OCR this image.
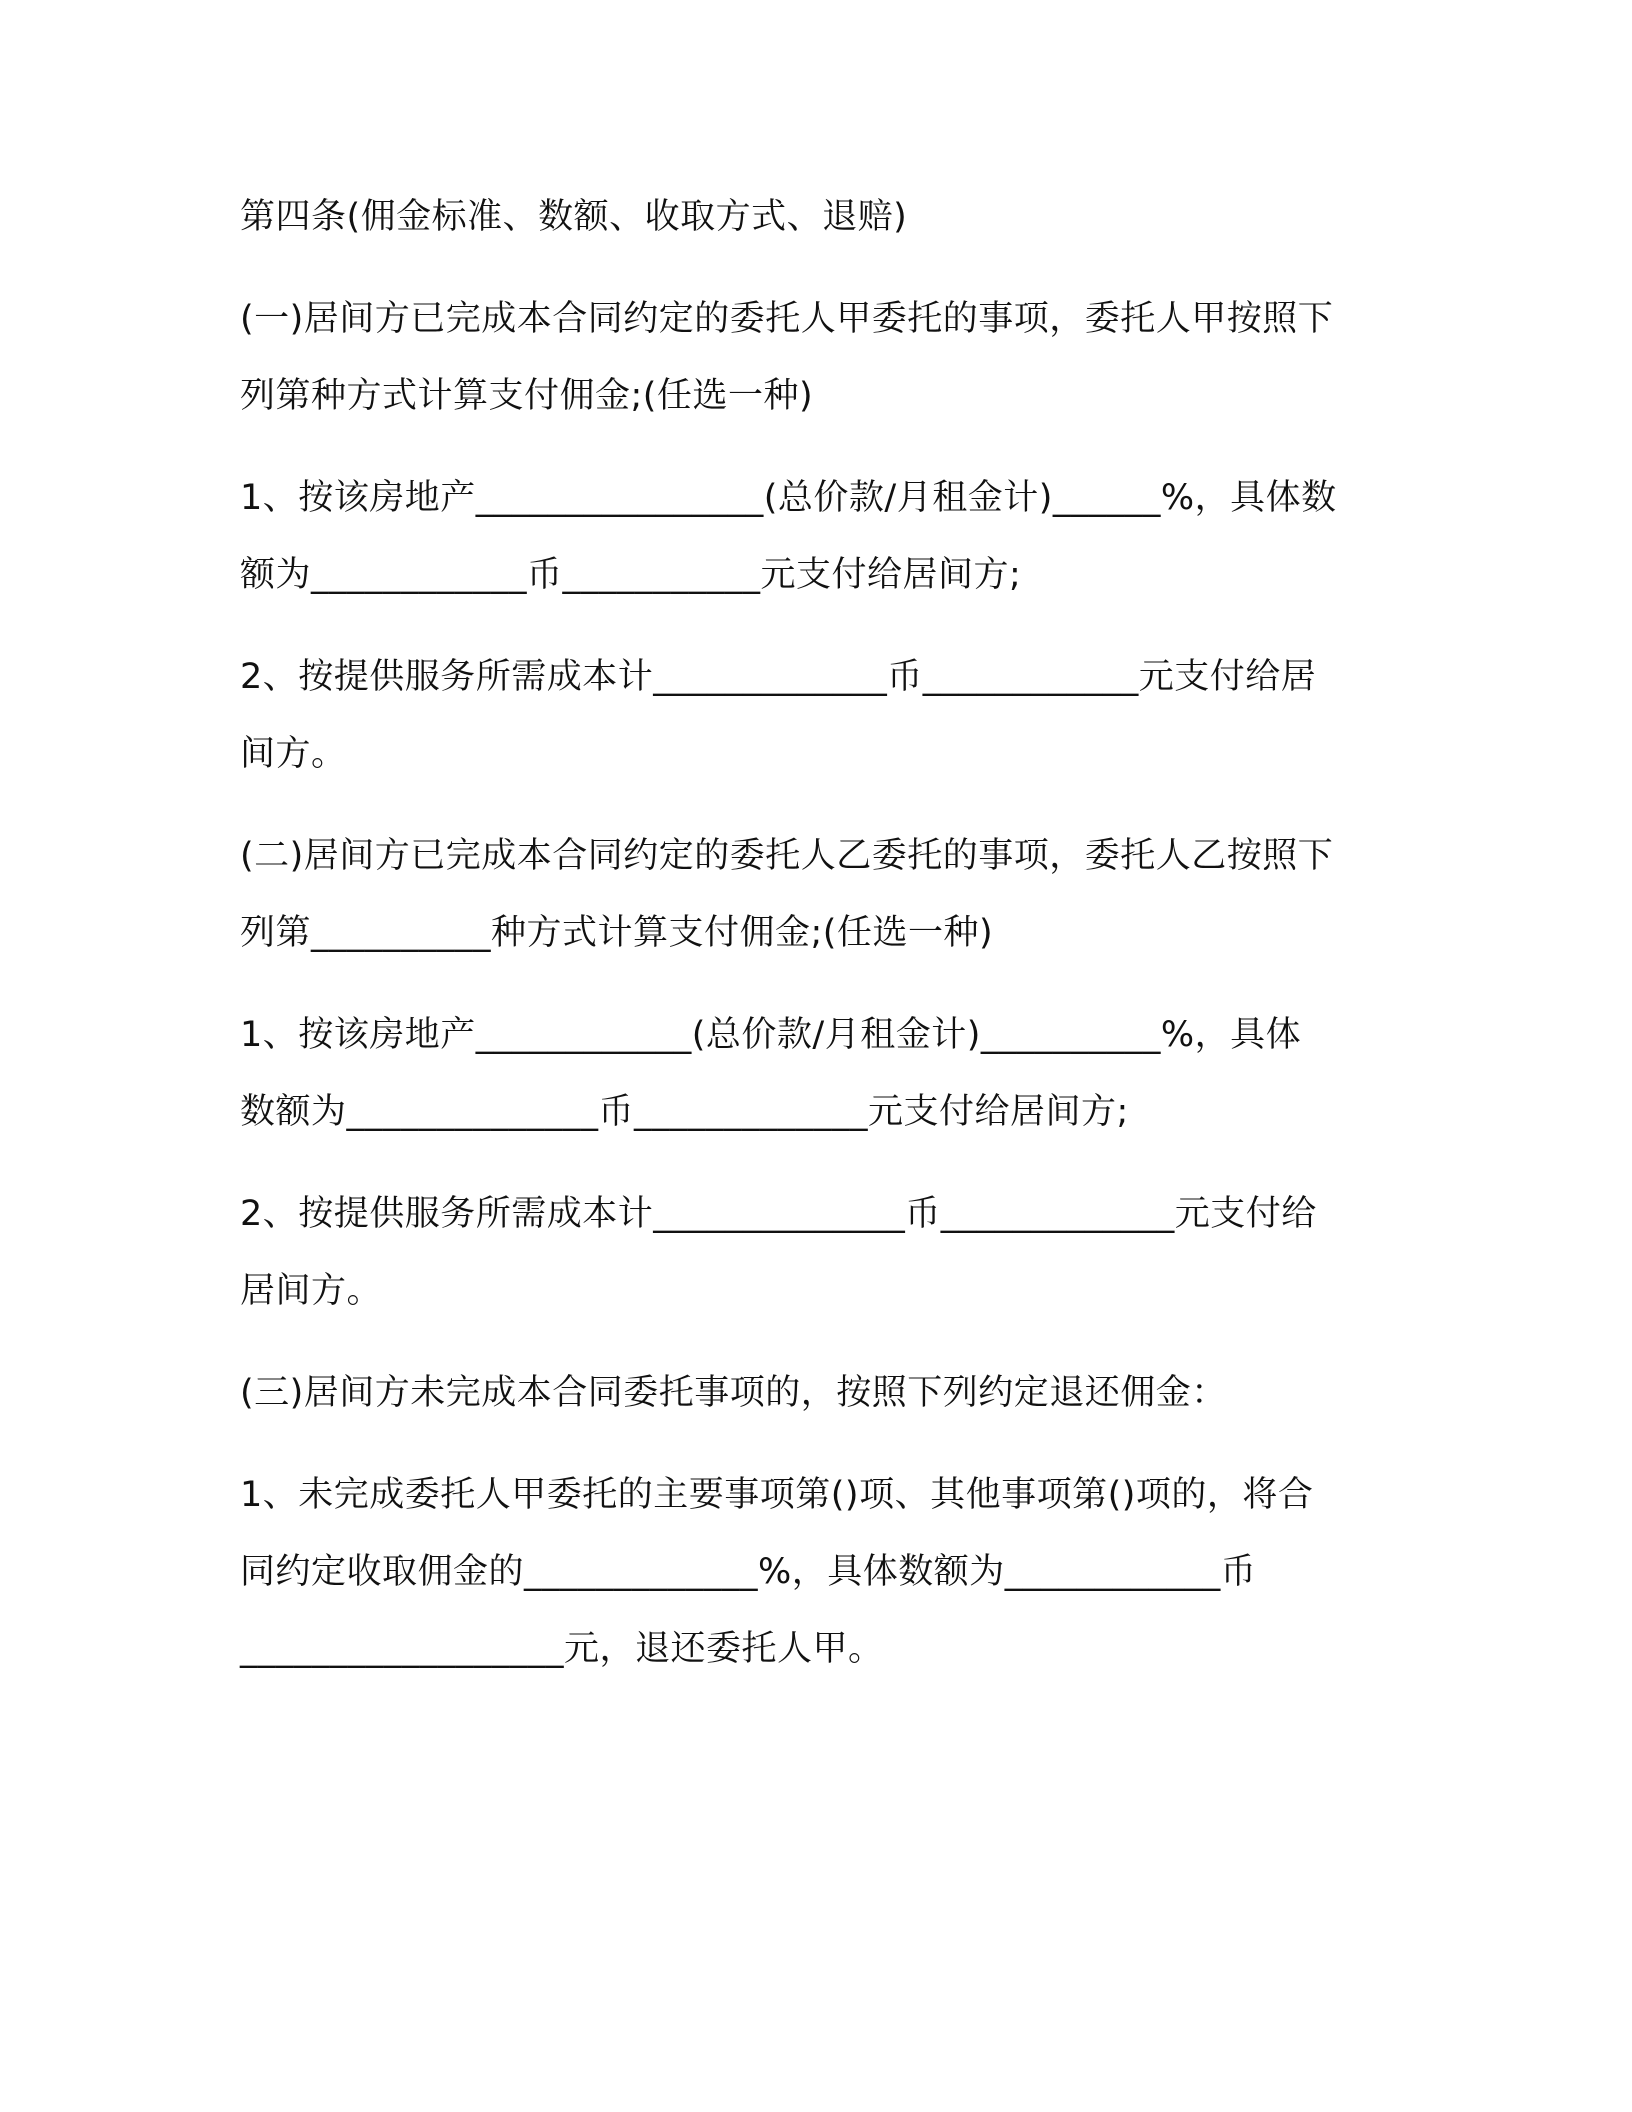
第四条(佣金标准、数额、收取方式、退赔)
(一)居间方已完成本合同约定的委托人甲委托的事项，委托人甲按照下
列第种方式计算支付佣金;(任选一种)
1、按该房地产________________(总价款/月租金计)______%，具体数
额为____________币___________元支付给居间方;
2、按提供服务所需成本计_____________币____________元支付给居
间方。
(二)居间方已完成本合同约定的委托人乙委托的事项，委托人乙按照下
列第__________种方式计算支付佣金;(任选一种)
1、按该房地产____________(总价款/月租金计)__________%，具体
数额为______________币_____________元支付给居间方;
2、按提供服务所需成本计______________币_____________元支付给
居间方。
(三)居间方未完成本合同委托事项的，按照下列约定退还佣金：
1、未完成委托人甲委托的主要事项第()项、其他事项第()项的，将合
同约定收取佣金的_____________%，具体数额为____________币
__________________元，退还委托人甲。
